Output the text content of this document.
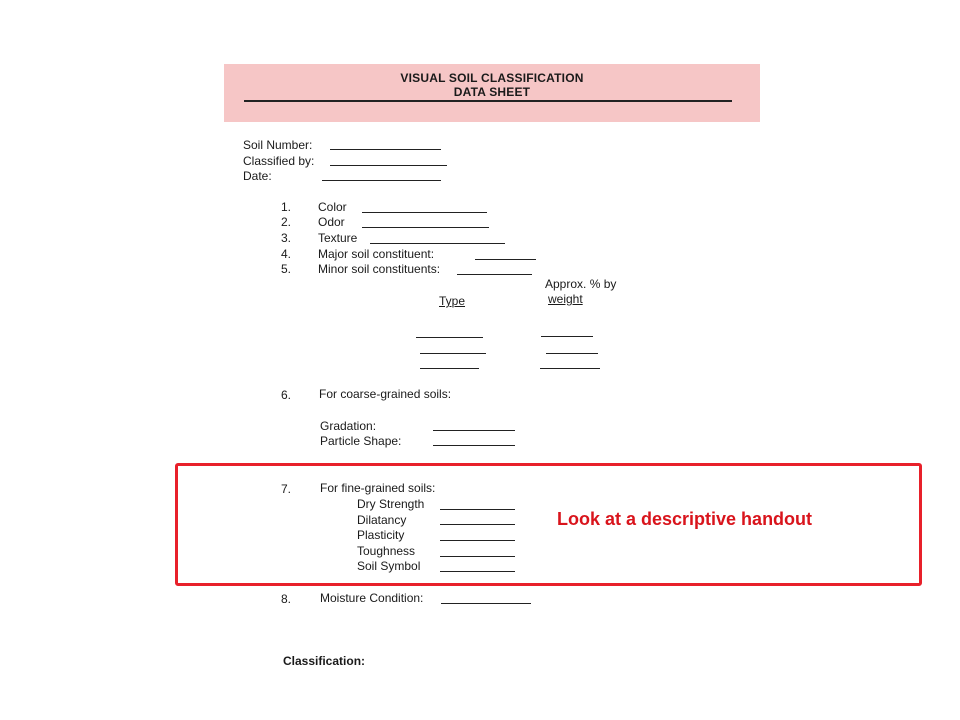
VISUAL SOIL CLASSIFICATION
DATA SHEET
Soil Number:
Classified by:
Date:
1. Color
2. Odor
3. Texture
4. Major soil constituent:
5. Minor soil constituents:
Approx. % by
weight
Type
6. For coarse-grained soils:
Gradation:
Particle Shape:
7. For fine-grained soils:
Dry Strength
Dilatancy
Plasticity
Toughness
Soil Symbol
8. Moisture Condition:
Classification:
Look at a descriptive handout
